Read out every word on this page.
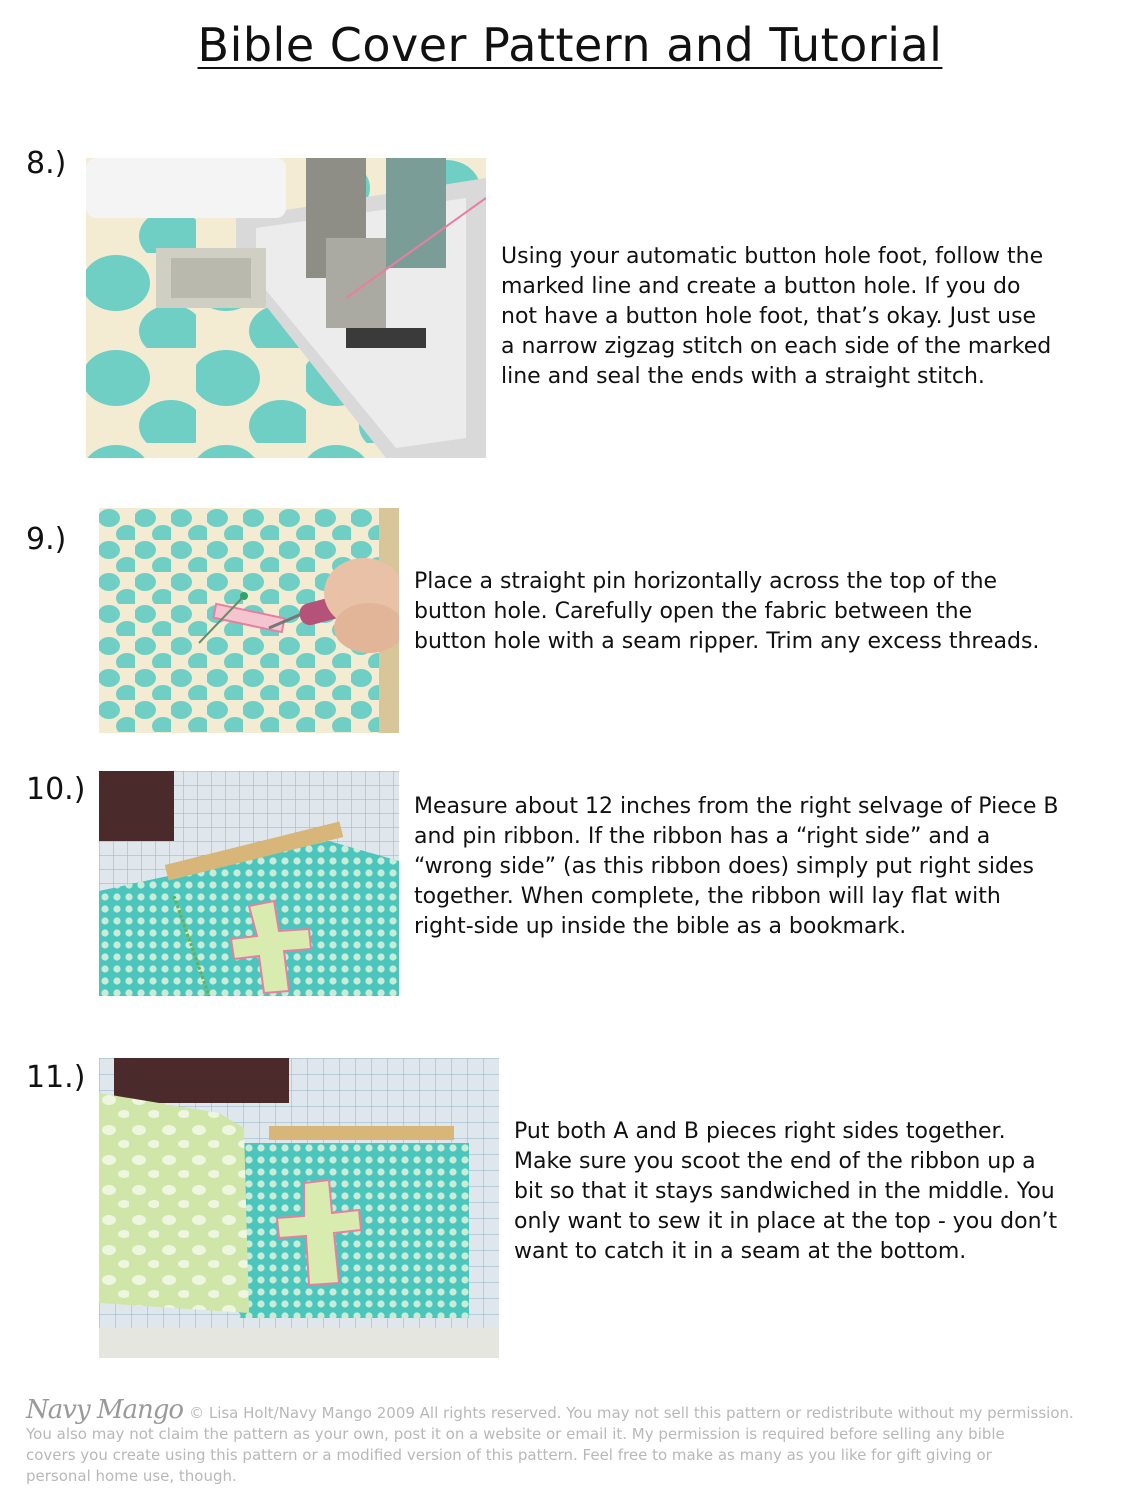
Bible Cover Pattern and Tutorial
8.)
Using your automatic button hole foot, follow the
marked line and create a button hole. If you do
not have a button hole foot, that’s okay. Just use
a narrow zigzag stitch on each side of the marked
line and seal the ends with a straight stitch.
9.)
Place a straight pin horizontally across the top of the
button hole. Carefully open the fabric between the
button hole with a seam ripper. Trim any excess threads.
10.)	Measure about 12 inches from the right selvage of Piece B
and pin ribbon. If the ribbon has a “right side” and a
“wrong side” (as this ribbon does) simply put right sides
together. When complete, the ribbon will lay flat with
right-side up inside the bible as a bookmark.
11.)
Put both A and B pieces right sides together.
Make sure you scoot the end of the ribbon up a
bit so that it stays sandwiched in the middle. You
only want to sew it in place at the top - you don’t
want to catch it in a seam at the bottom.
Navy Mango © Lisa Holt/Navy Mango 2009 All rights reserved. You may not sell this pattern or redistribute without my permission.
You also may not claim the pattern as your own, post it on a website or email it. My permission is required before selling any bible
covers you create using this pattern or a modified version of this pattern. Feel free to make as many as you like for gift giving or
personal home use, though.
